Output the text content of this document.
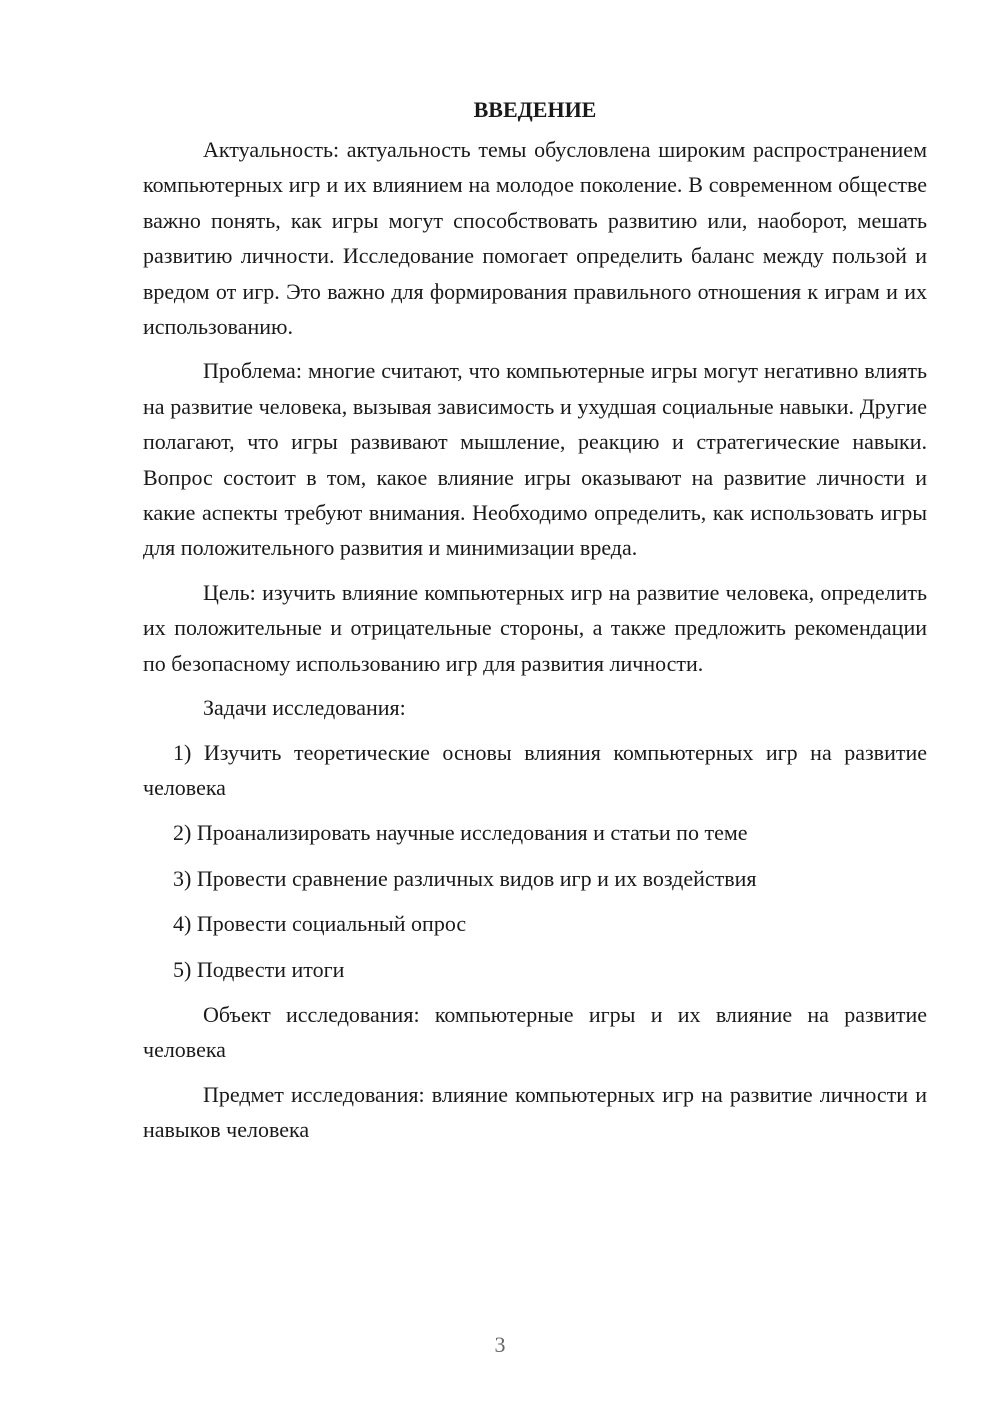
ВВЕДЕНИЕ

Актуальность: актуальность темы обусловлена широким распространением компьютерных игр и их влиянием на молодое поколение. В современном обществе важно понять, как игры могут способствовать развитию или, наоборот, мешать развитию личности. Исследование помогает определить баланс между пользой и вредом от игр. Это важно для формирования правильного отношения к играм и их использованию.

Проблема: многие считают, что компьютерные игры могут негативно влиять на развитие человека, вызывая зависимость и ухудшая социальные навыки. Другие полагают, что игры развивают мышление, реакцию и стратегические навыки. Вопрос состоит в том, какое влияние игры оказывают на развитие личности и какие аспекты требуют внимания. Необходимо определить, как использовать игры для положительного развития и минимизации вреда.

Цель: изучить влияние компьютерных игр на развитие человека, определить их положительные и отрицательные стороны, а также предложить рекомендации по безопасному использованию игр для развития личности.

Задачи исследования:

1) Изучить теоретические основы влияния компьютерных игр на развитие человека

2) Проанализировать научные исследования и статьи по теме

3) Провести сравнение различных видов игр и их воздействия

4) Провести социальный опрос

5) Подвести итоги

Объект исследования: компьютерные игры и их влияние на развитие человека

Предмет исследования: влияние компьютерных игр на развитие личности и навыков человека

3
